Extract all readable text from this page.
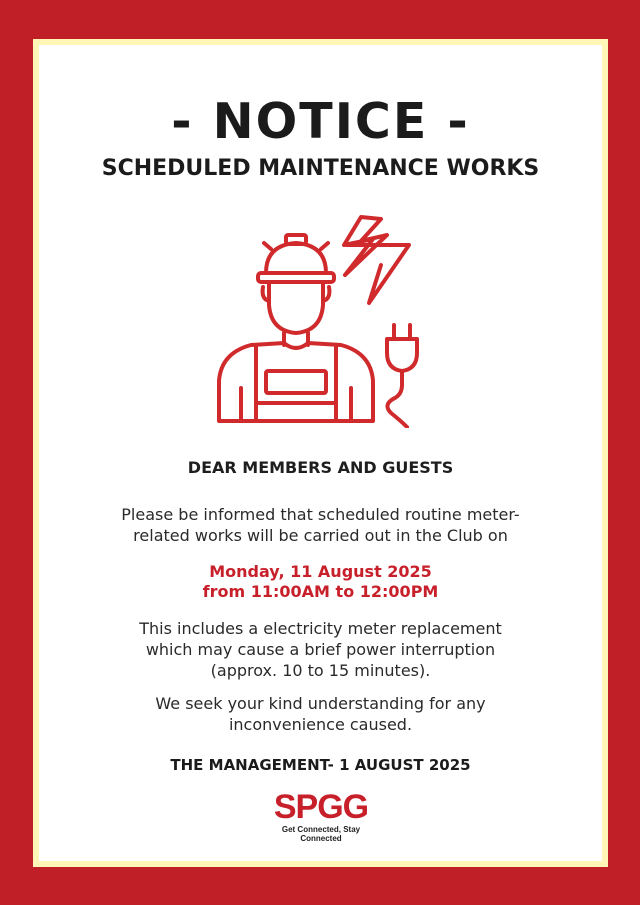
- NOTICE -
SCHEDULED MAINTENANCE WORKS
DEAR MEMBERS AND GUESTS
Please be informed that scheduled routine meter-
related works will be carried out in the Club on
Monday, 11 August 2025
from 11:00AM to 12:00PM
This includes a electricity meter replacement
which may cause a brief power interruption
(approx. 10 to 15 minutes).
We seek your kind understanding for any
inconvenience caused.
THE MANAGEMENT- 1 AUGUST 2025
SPGG
Get Connected, Stay Connected
